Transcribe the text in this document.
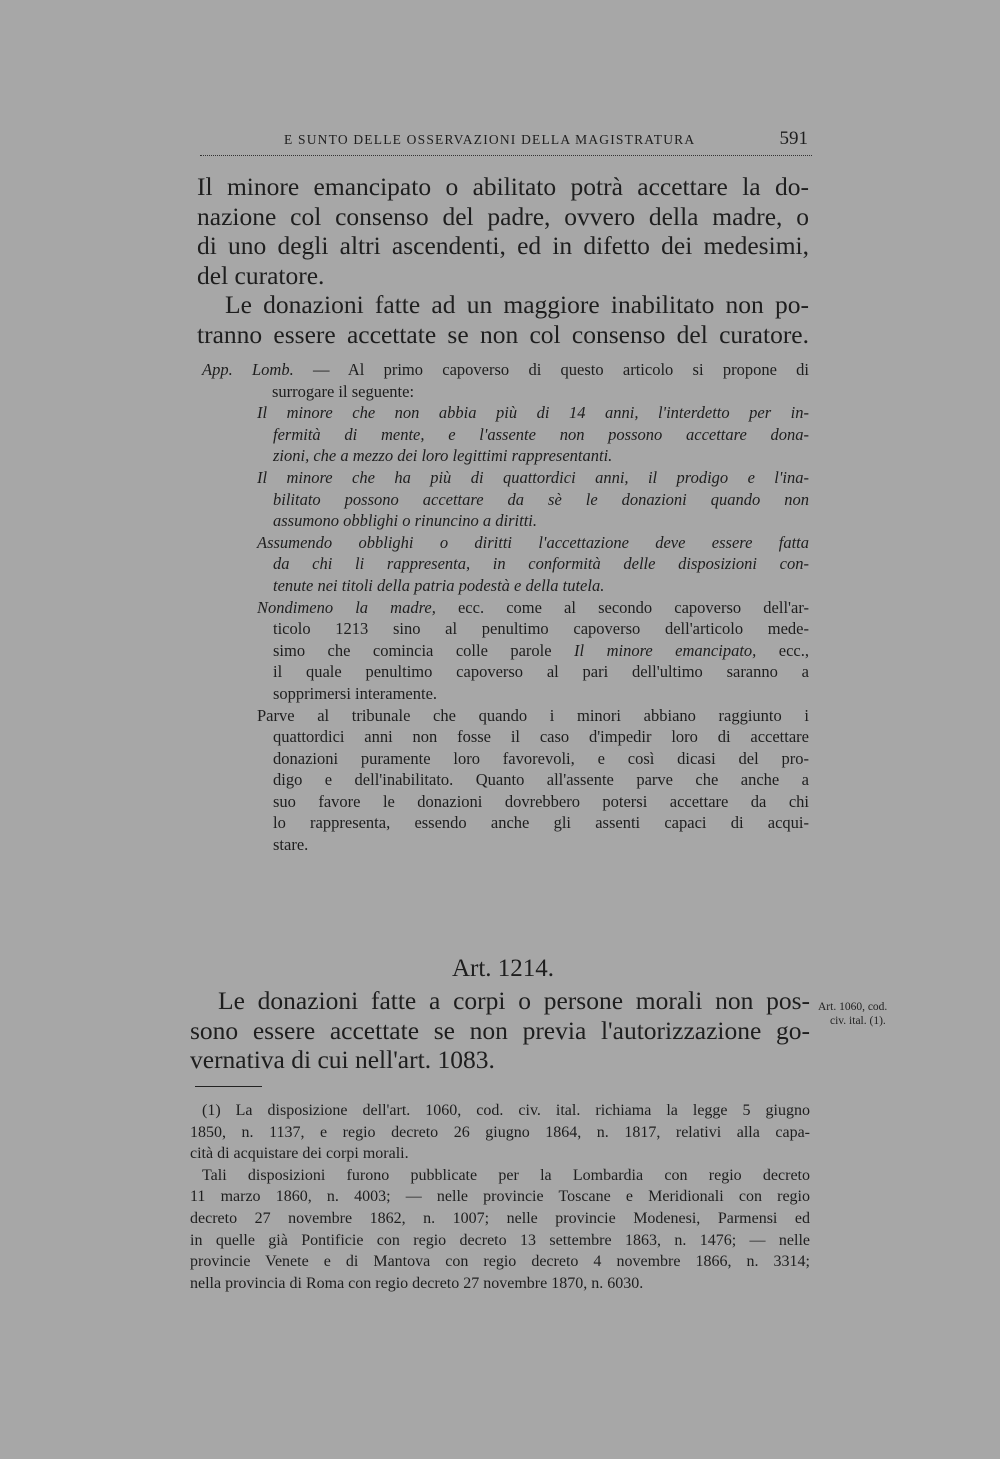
E SUNTO DELLE OSSERVAZIONI DELLA MAGISTRATURA	591

Il minore emancipato o abilitato potrà accettare la do-
nazione col consenso del padre, ovvero della madre, o
di uno degli altri ascendenti, ed in difetto dei medesimi,
del curatore.

Le donazioni fatte ad un maggiore inabilitato non po-
tranno essere accettate se non col consenso del curatore.

App. Lomb. — Al primo capoverso di questo articolo si propone di
surrogare il seguente:
Il minore che non abbia più di 14 anni, l'interdetto per in-
fermità di mente, e l'assente non possono accettare dona-
zioni, che a mezzo dei loro legittimi rappresentanti.
Il minore che ha più di quattordici anni, il prodigo e l'ina-
bilitato possono accettare da sè le donazioni quando non
assumono obblighi o rinuncino a diritti.
Assumendo obblighi o diritti l'accettazione deve essere fatta
da chi li rappresenta, in conformità delle disposizioni con-
tenute nei titoli della patria podestà e della tutela.
Nondimeno la madre, ecc. come al secondo capoverso dell'ar-
ticolo 1213 sino al penultimo capoverso dell'articolo mede-
simo che comincia colle parole Il minore emancipato, ecc.,
il quale penultimo capoverso al pari dell'ultimo saranno a
sopprimersi interamente.
Parve al tribunale che quando i minori abbiano raggiunto i
quattordici anni non fosse il caso d'impedir loro di accettare
donazioni puramente loro favorevoli, e così dicasi del pro-
digo e dell'inabilitato. Quanto all'assente parve che anche a
suo favore le donazioni dovrebbero potersi accettare da chi
lo rappresenta, essendo anche gli assenti capaci di acqui-
stare.
Art. 1214.

Le donazioni fatte a corpi o persone morali non pos-
sono essere accettate se non previa l'autorizzazione go-
vernativa di cui nell'art. 1083.

Art. 1060, cod.
civ. ital. (1).
(1) La disposizione dell'art. 1060, cod. civ. ital. richiama la legge 5 giugno
1850, n. 1137, e regio decreto 26 giugno 1864, n. 1817, relativi alla capa-
cità di acquistare dei corpi morali.
Tali disposizioni furono pubblicate per la Lombardia con regio decreto
11 marzo 1860, n. 4003; — nelle provincie Toscane e Meridionali con regio
decreto 27 novembre 1862, n. 1007; nelle provincie Modenesi, Parmensi ed
in quelle già Pontificie con regio decreto 13 settembre 1863, n. 1476; — nelle
provincie Venete e di Mantova con regio decreto 4 novembre 1866, n. 3314;
nella provincia di Roma con regio decreto 27 novembre 1870, n. 6030.
